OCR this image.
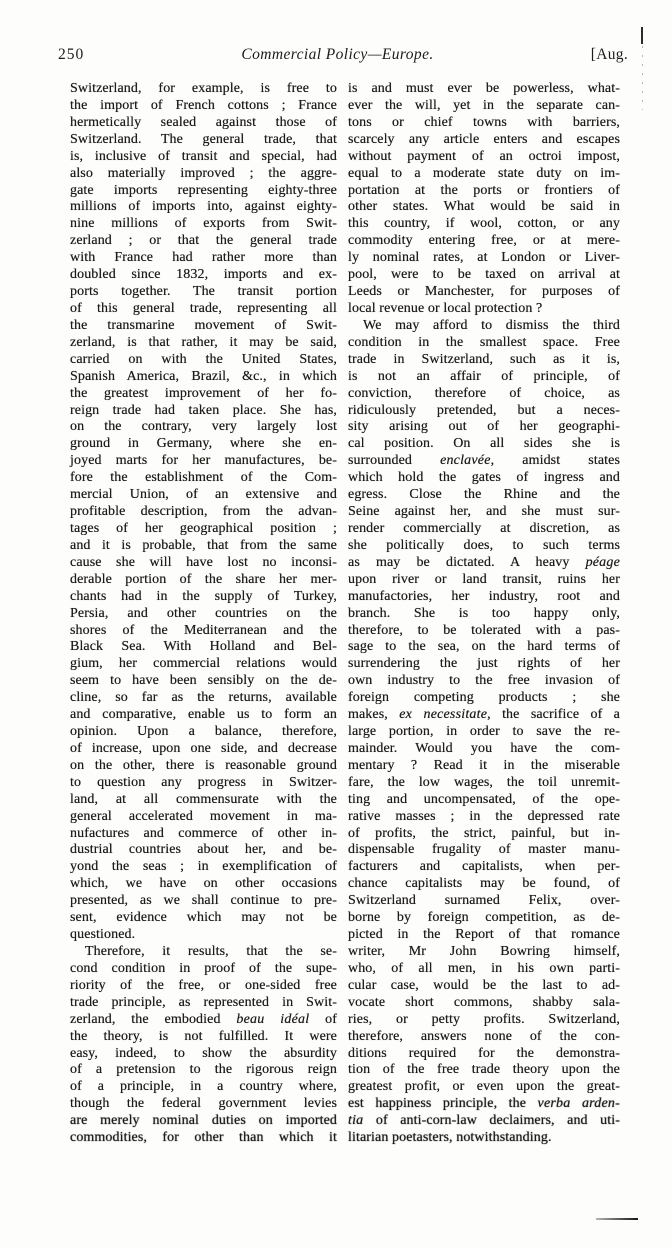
250	Commercial Policy—Europe.	[Aug.
Switzerland, for example, is free to
the import of French cottons ; France
hermetically sealed against those of
Switzerland. The general trade, that
is, inclusive of transit and special, had
also materially improved ; the aggre-
gate imports representing eighty-three
millions of imports into, against eighty-
nine millions of exports from Swit-
zerland ; or that the general trade
with France had rather more than
doubled since 1832, imports and ex-
ports together. The transit portion
of this general trade, representing all
the transmarine movement of Swit-
zerland, is that rather, it may be said,
carried on with the United States,
Spanish America, Brazil, &c., in which
the greatest improvement of her fo-
reign trade had taken place. She has,
on the contrary, very largely lost
ground in Germany, where she en-
joyed marts for her manufactures, be-
fore the establishment of the Com-
mercial Union, of an extensive and
profitable description, from the advan-
tages of her geographical position ;
and it is probable, that from the same
cause she will have lost no inconsi-
derable portion of the share her mer-
chants had in the supply of Turkey,
Persia, and other countries on the
shores of the Mediterranean and the
Black Sea. With Holland and Bel-
gium, her commercial relations would
seem to have been sensibly on the de-
cline, so far as the returns, available
and comparative, enable us to form an
opinion. Upon a balance, therefore,
of increase, upon one side, and decrease
on the other, there is reasonable ground
to question any progress in Switzer-
land, at all commensurate with the
general accelerated movement in ma-
nufactures and commerce of other in-
dustrial countries about her, and be-
yond the seas ; in exemplification of
which, we have on other occasions
presented, as we shall continue to pre-
sent, evidence which may not be
questioned.
Therefore, it results, that the se-
cond condition in proof of the supe-
riority of the free, or one-sided free
trade principle, as represented in Swit-
zerland, the embodied beau idéal of
the theory, is not fulfilled. It were
easy, indeed, to show the absurdity
of a pretension to the rigorous reign
of a principle, in a country where,
though the federal government levies
are merely nominal duties on imported
commodities, for other than which it
is and must ever be powerless, what-
ever the will, yet in the separate can-
tons or chief towns with barriers,
scarcely any article enters and escapes
without payment of an octroi impost,
equal to a moderate state duty on im-
portation at the ports or frontiers of
other states. What would be said in
this country, if wool, cotton, or any
commodity entering free, or at mere-
ly nominal rates, at London or Liver-
pool, were to be taxed on arrival at
Leeds or Manchester, for purposes of
local revenue or local protection ?
We may afford to dismiss the third
condition in the smallest space. Free
trade in Switzerland, such as it is,
is not an affair of principle, of
conviction, therefore of choice, as
ridiculously pretended, but a neces-
sity arising out of her geographi-
cal position. On all sides she is
surrounded enclavée, amidst states
which hold the gates of ingress and
egress. Close the Rhine and the
Seine against her, and she must sur-
render commercially at discretion, as
she politically does, to such terms
as may be dictated. A heavy péage
upon river or land transit, ruins her
manufactories, her industry, root and
branch. She is too happy only,
therefore, to be tolerated with a pas-
sage to the sea, on the hard terms of
surrendering the just rights of her
own industry to the free invasion of
foreign competing products ; she
makes, ex necessitate, the sacrifice of a
large portion, in order to save the re-
mainder. Would you have the com-
mentary ? Read it in the miserable
fare, the low wages, the toil unremit-
ting and uncompensated, of the ope-
rative masses ; in the depressed rate
of profits, the strict, painful, but in-
dispensable frugality of master manu-
facturers and capitalists, when per-
chance capitalists may be found, of
Switzerland surnamed Felix, over-
borne by foreign competition, as de-
picted in the Report of that romance
writer, Mr John Bowring himself,
who, of all men, in his own parti-
cular case, would be the last to ad-
vocate short commons, shabby sala-
ries, or petty profits. Switzerland,
therefore, answers none of the con-
ditions required for the demonstra-
tion of the free trade theory upon the
greatest profit, or even upon the great-
est happiness principle, the verba arden-
tia of anti-corn-law declaimers, and uti-
litarian poetasters, notwithstanding.
